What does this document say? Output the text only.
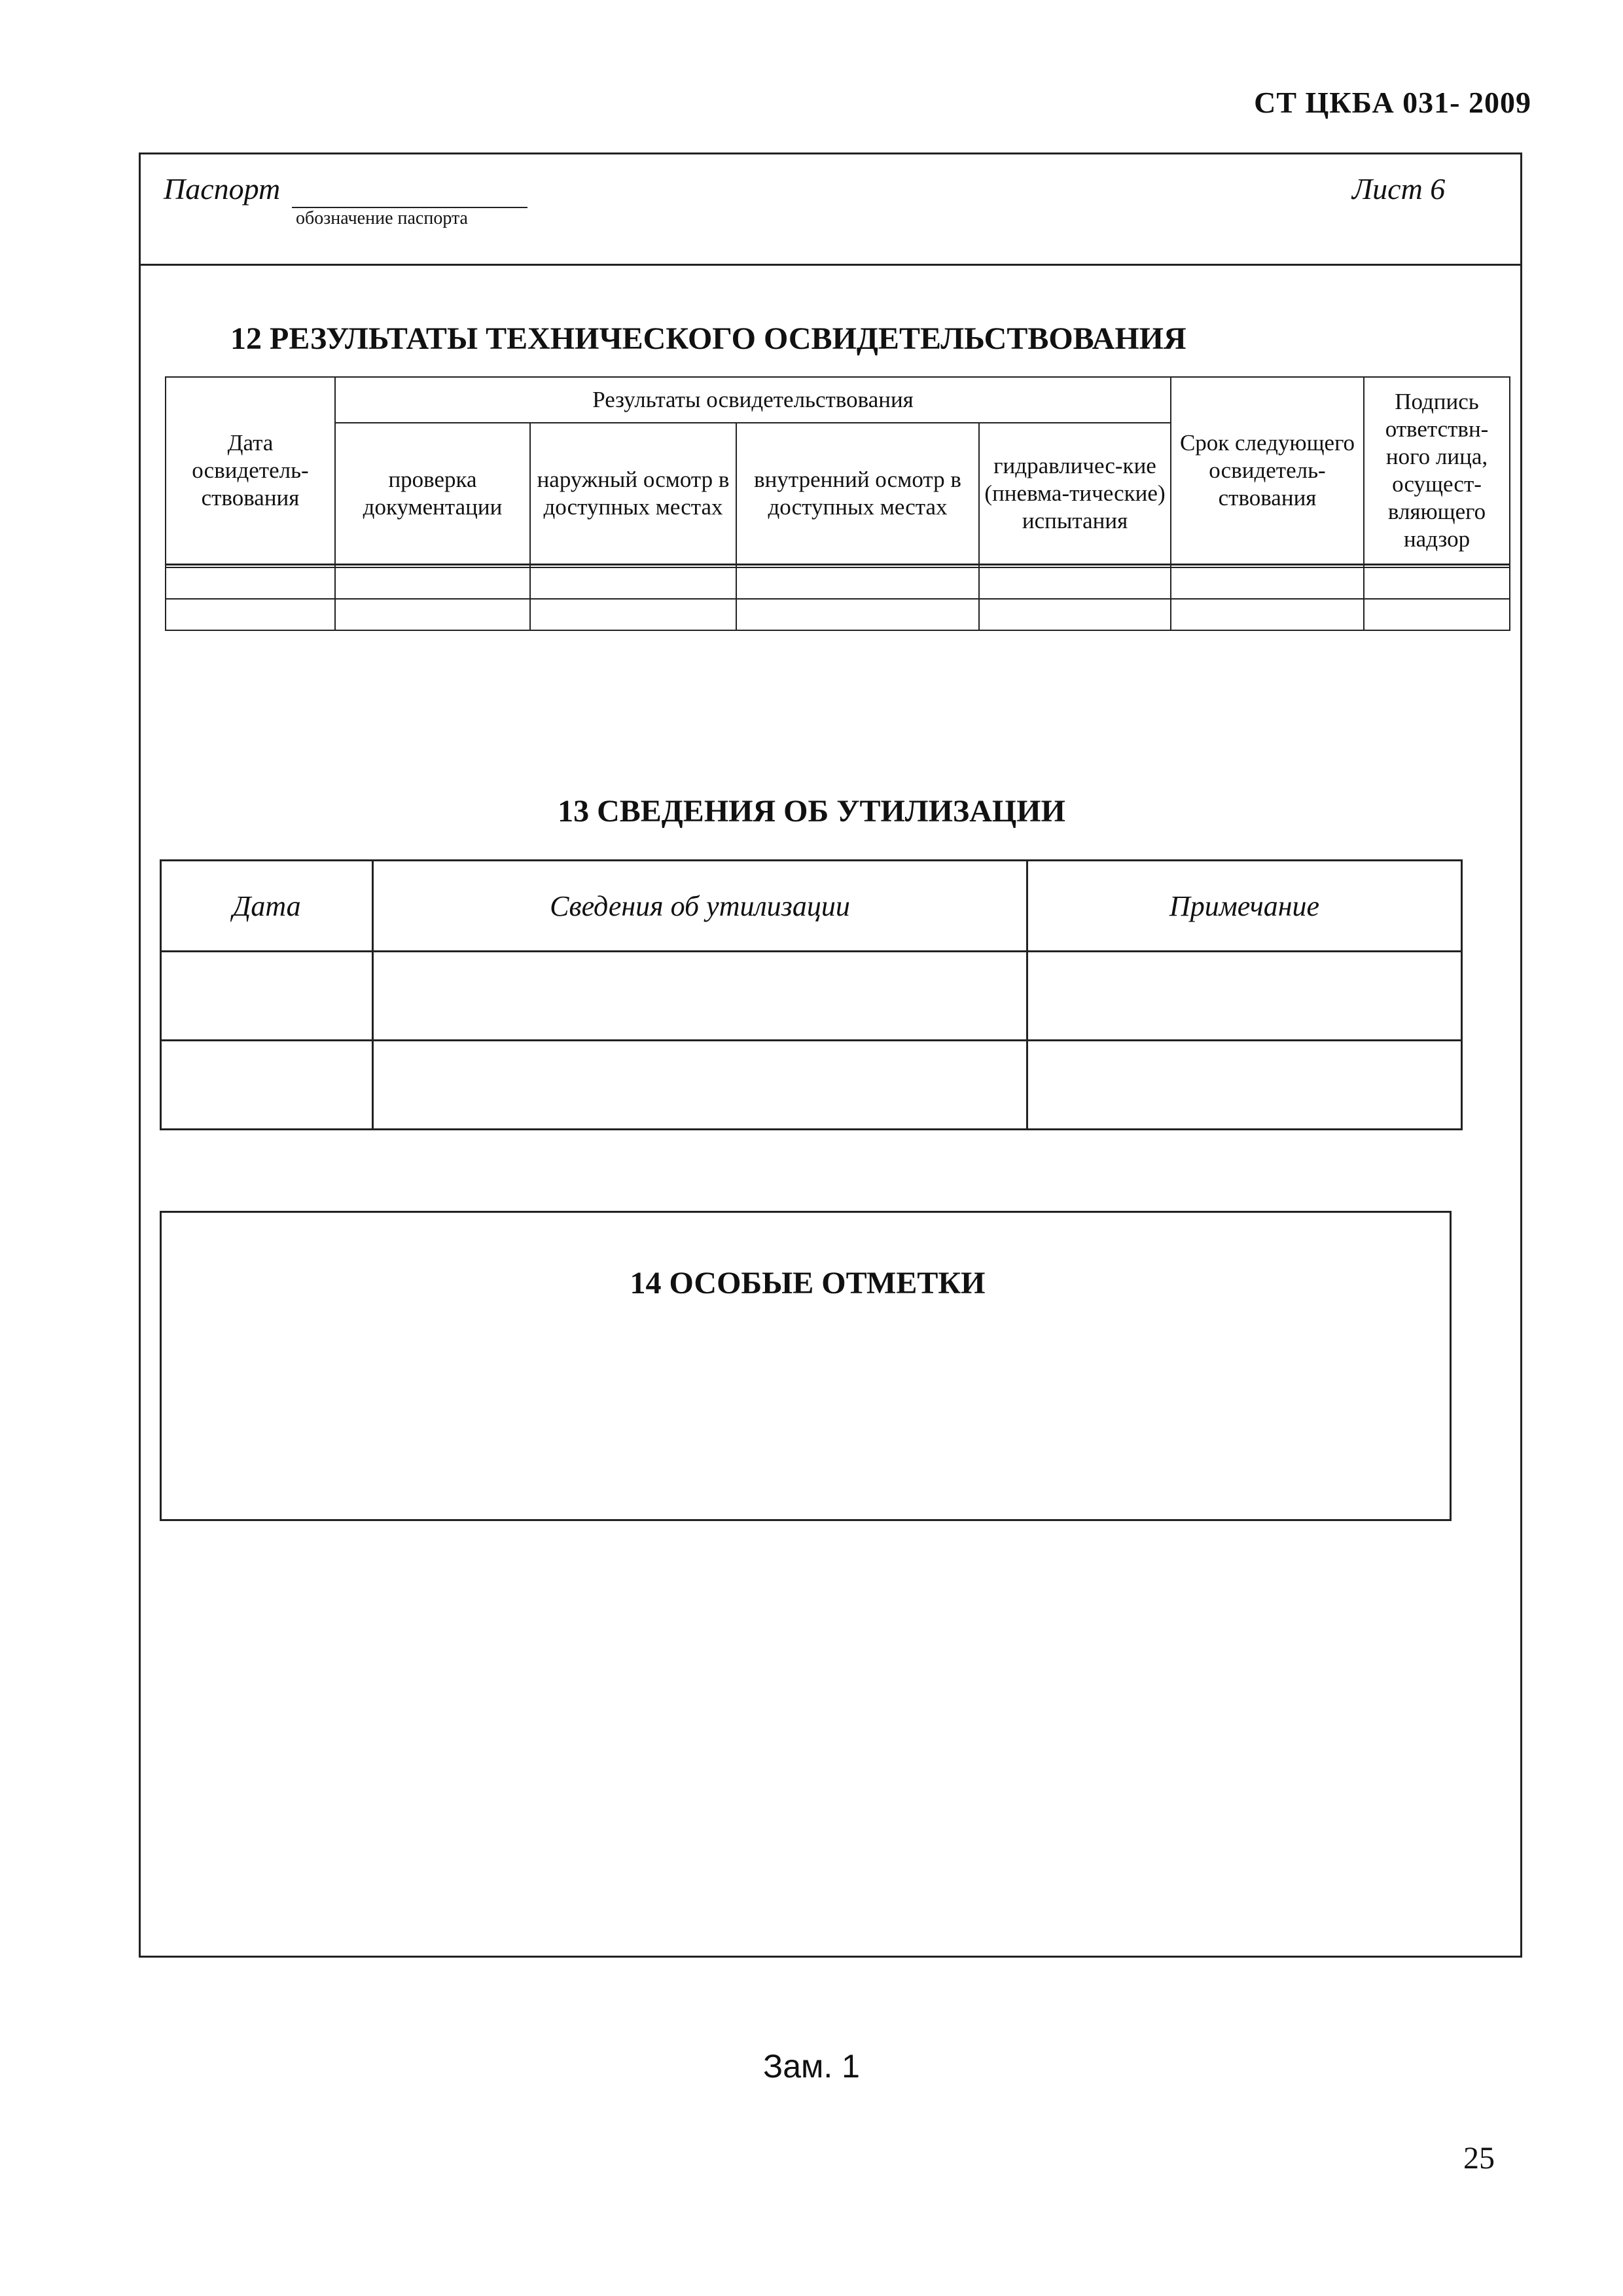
СТ ЦКБА 031- 2009
Паспорт
обозначение паспорта
Лист 6
12 РЕЗУЛЬТАТЫ ТЕХНИЧЕСКОГО ОСВИДЕТЕЛЬСТВОВАНИЯ
Дата освидетель-ствования	Результаты освидетельствования				Срок следующего освидетель-ствования	Подпись ответствн-ного лица, осущест-вляющего надзор
	проверка документации	наружный осмотр в доступных местах	внутренний осмотр в доступных местах	гидравличес-кие (пневма-тические) испытания		

13 СВЕДЕНИЯ ОБ УТИЛИЗАЦИИ
Дата	Сведения об утилизации	Примечание

14 ОСОБЫЕ ОТМЕТКИ
Зам. 1
25
